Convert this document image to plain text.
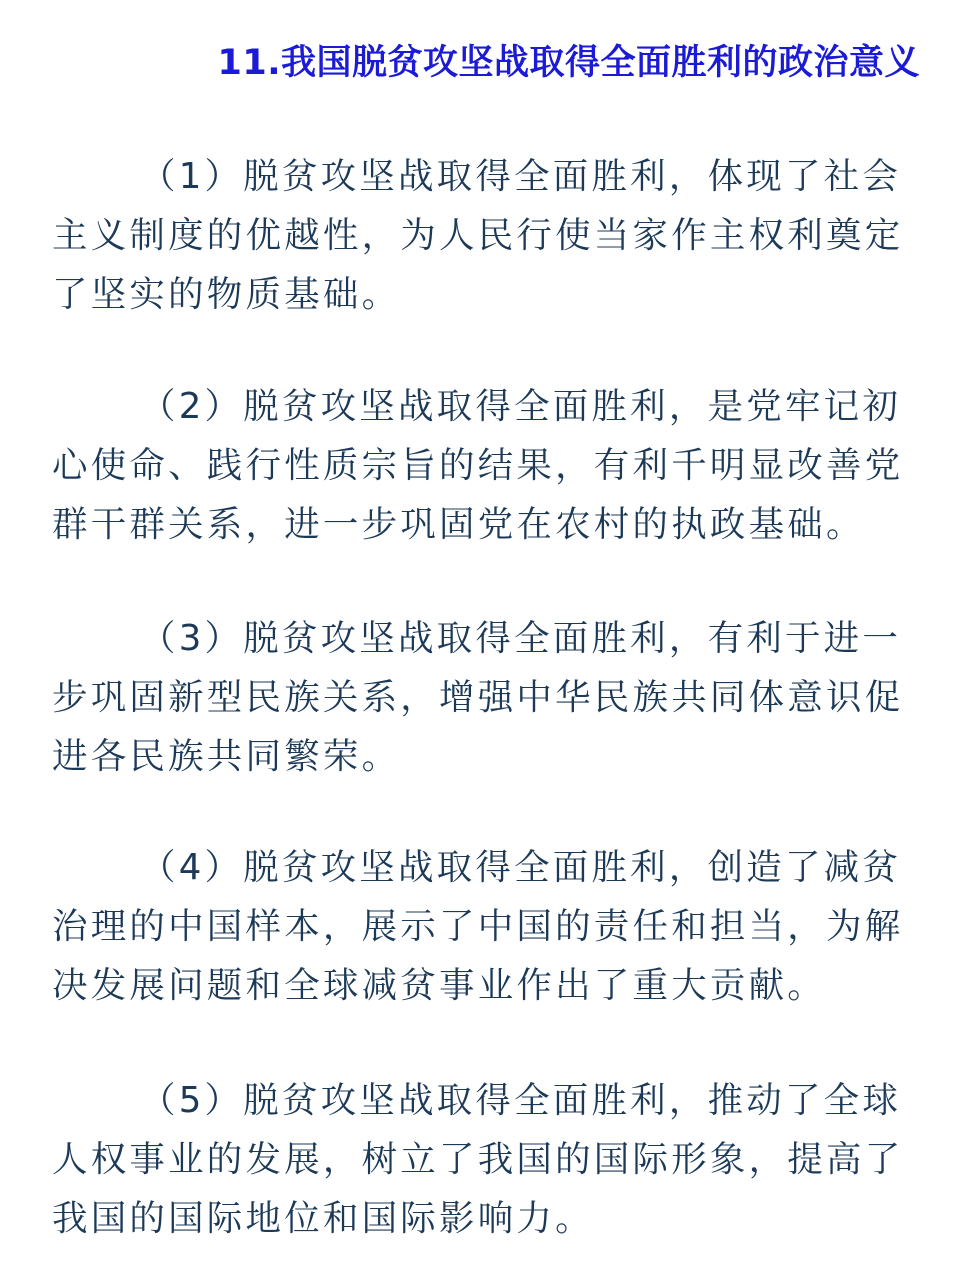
11.我国脱贫攻坚战取得全面胜利的政治意义

（1）脱贫攻坚战取得全面胜利，体现了社会主义制度的优越性，为人民行使当家作主权利奠定了坚实的物质基础。

（2）脱贫攻坚战取得全面胜利，是党牢记初心使命、践行性质宗旨的结果，有利千明显改善党群干群关系，进一步巩固党在农村的执政基础。

（3）脱贫攻坚战取得全面胜利，有利于进一步巩固新型民族关系，增强中华民族共同体意识促进各民族共同繁荣。

（4）脱贫攻坚战取得全面胜利，创造了减贫治理的中国样本，展示了中国的责任和担当，为解决发展问题和全球减贫事业作出了重大贡献。

（5）脱贫攻坚战取得全面胜利，推动了全球人权事业的发展，树立了我国的国际形象，提高了我国的国际地位和国际影响力。
